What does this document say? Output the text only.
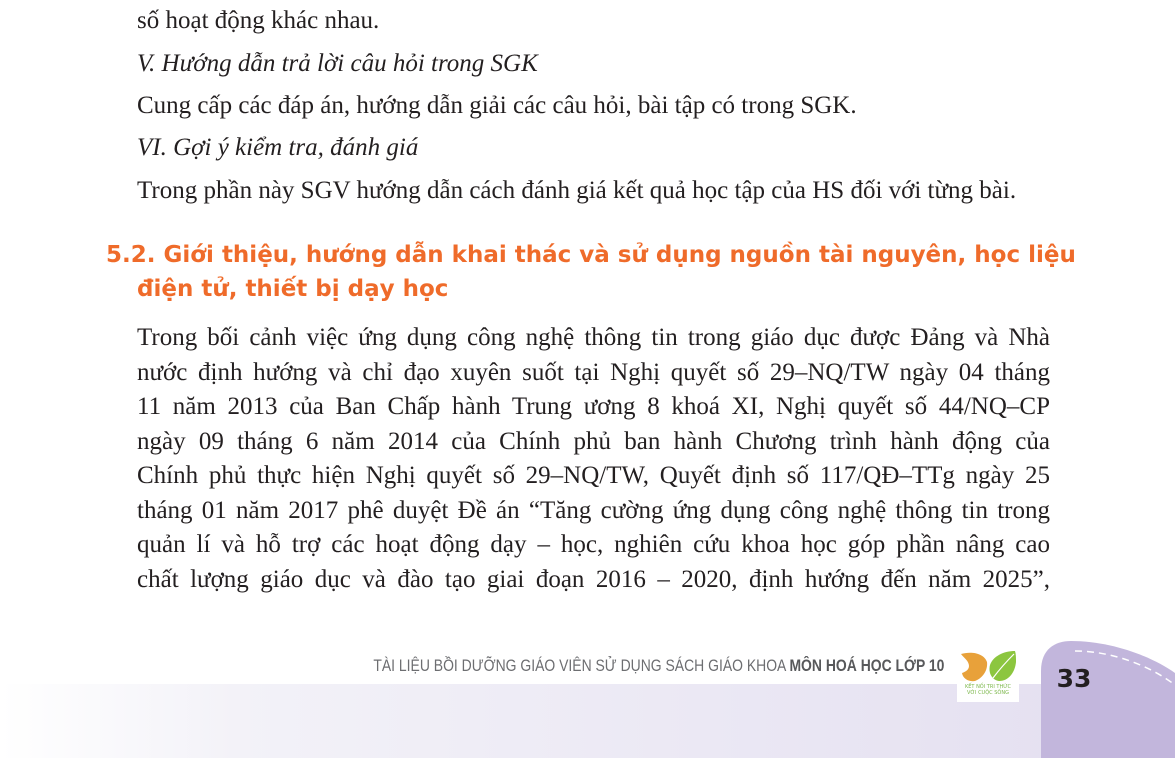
số hoạt động khác nhau.
V. Hướng dẫn trả lời câu hỏi trong SGK
Cung cấp các đáp án, hướng dẫn giải các câu hỏi, bài tập có trong SGK.
VI. Gợi ý kiểm tra, đánh giá
Trong phần này SGV hướng dẫn cách đánh giá kết quả học tập của HS đối với từng bài.
5.2. Giới thiệu, hướng dẫn khai thác và sử dụng nguồn tài nguyên, học liệu
điện tử, thiết bị dạy học
Trong bối cảnh việc ứng dụng công nghệ thông tin trong giáo dục được Đảng và Nhà
nước định hướng và chỉ đạo xuyên suốt tại Nghị quyết số 29–NQ/TW ngày 04 tháng
11 năm 2013 của Ban Chấp hành Trung ương 8 khoá XI, Nghị quyết số 44/NQ–CP
ngày 09 tháng 6 năm 2014 của Chính phủ ban hành Chương trình hành động của
Chính phủ thực hiện Nghị quyết số 29–NQ/TW, Quyết định số 117/QĐ–TTg ngày 25
tháng 01 năm 2017 phê duyệt Đề án “Tăng cường ứng dụng công nghệ thông tin trong
quản lí và hỗ trợ các hoạt động dạy – học, nghiên cứu khoa học góp phần nâng cao
chất lượng giáo dục và đào tạo giai đoạn 2016 – 2020, định hướng đến năm 2025”,
TÀI LIỆU BỒI DƯỠNG GIÁO VIÊN SỬ DỤNG SÁCH GIÁO KHOA MÔN HOÁ HỌC LỚP 10
KẾT NỐI TRI THỨC
VỚI CUỘC SỐNG	33
